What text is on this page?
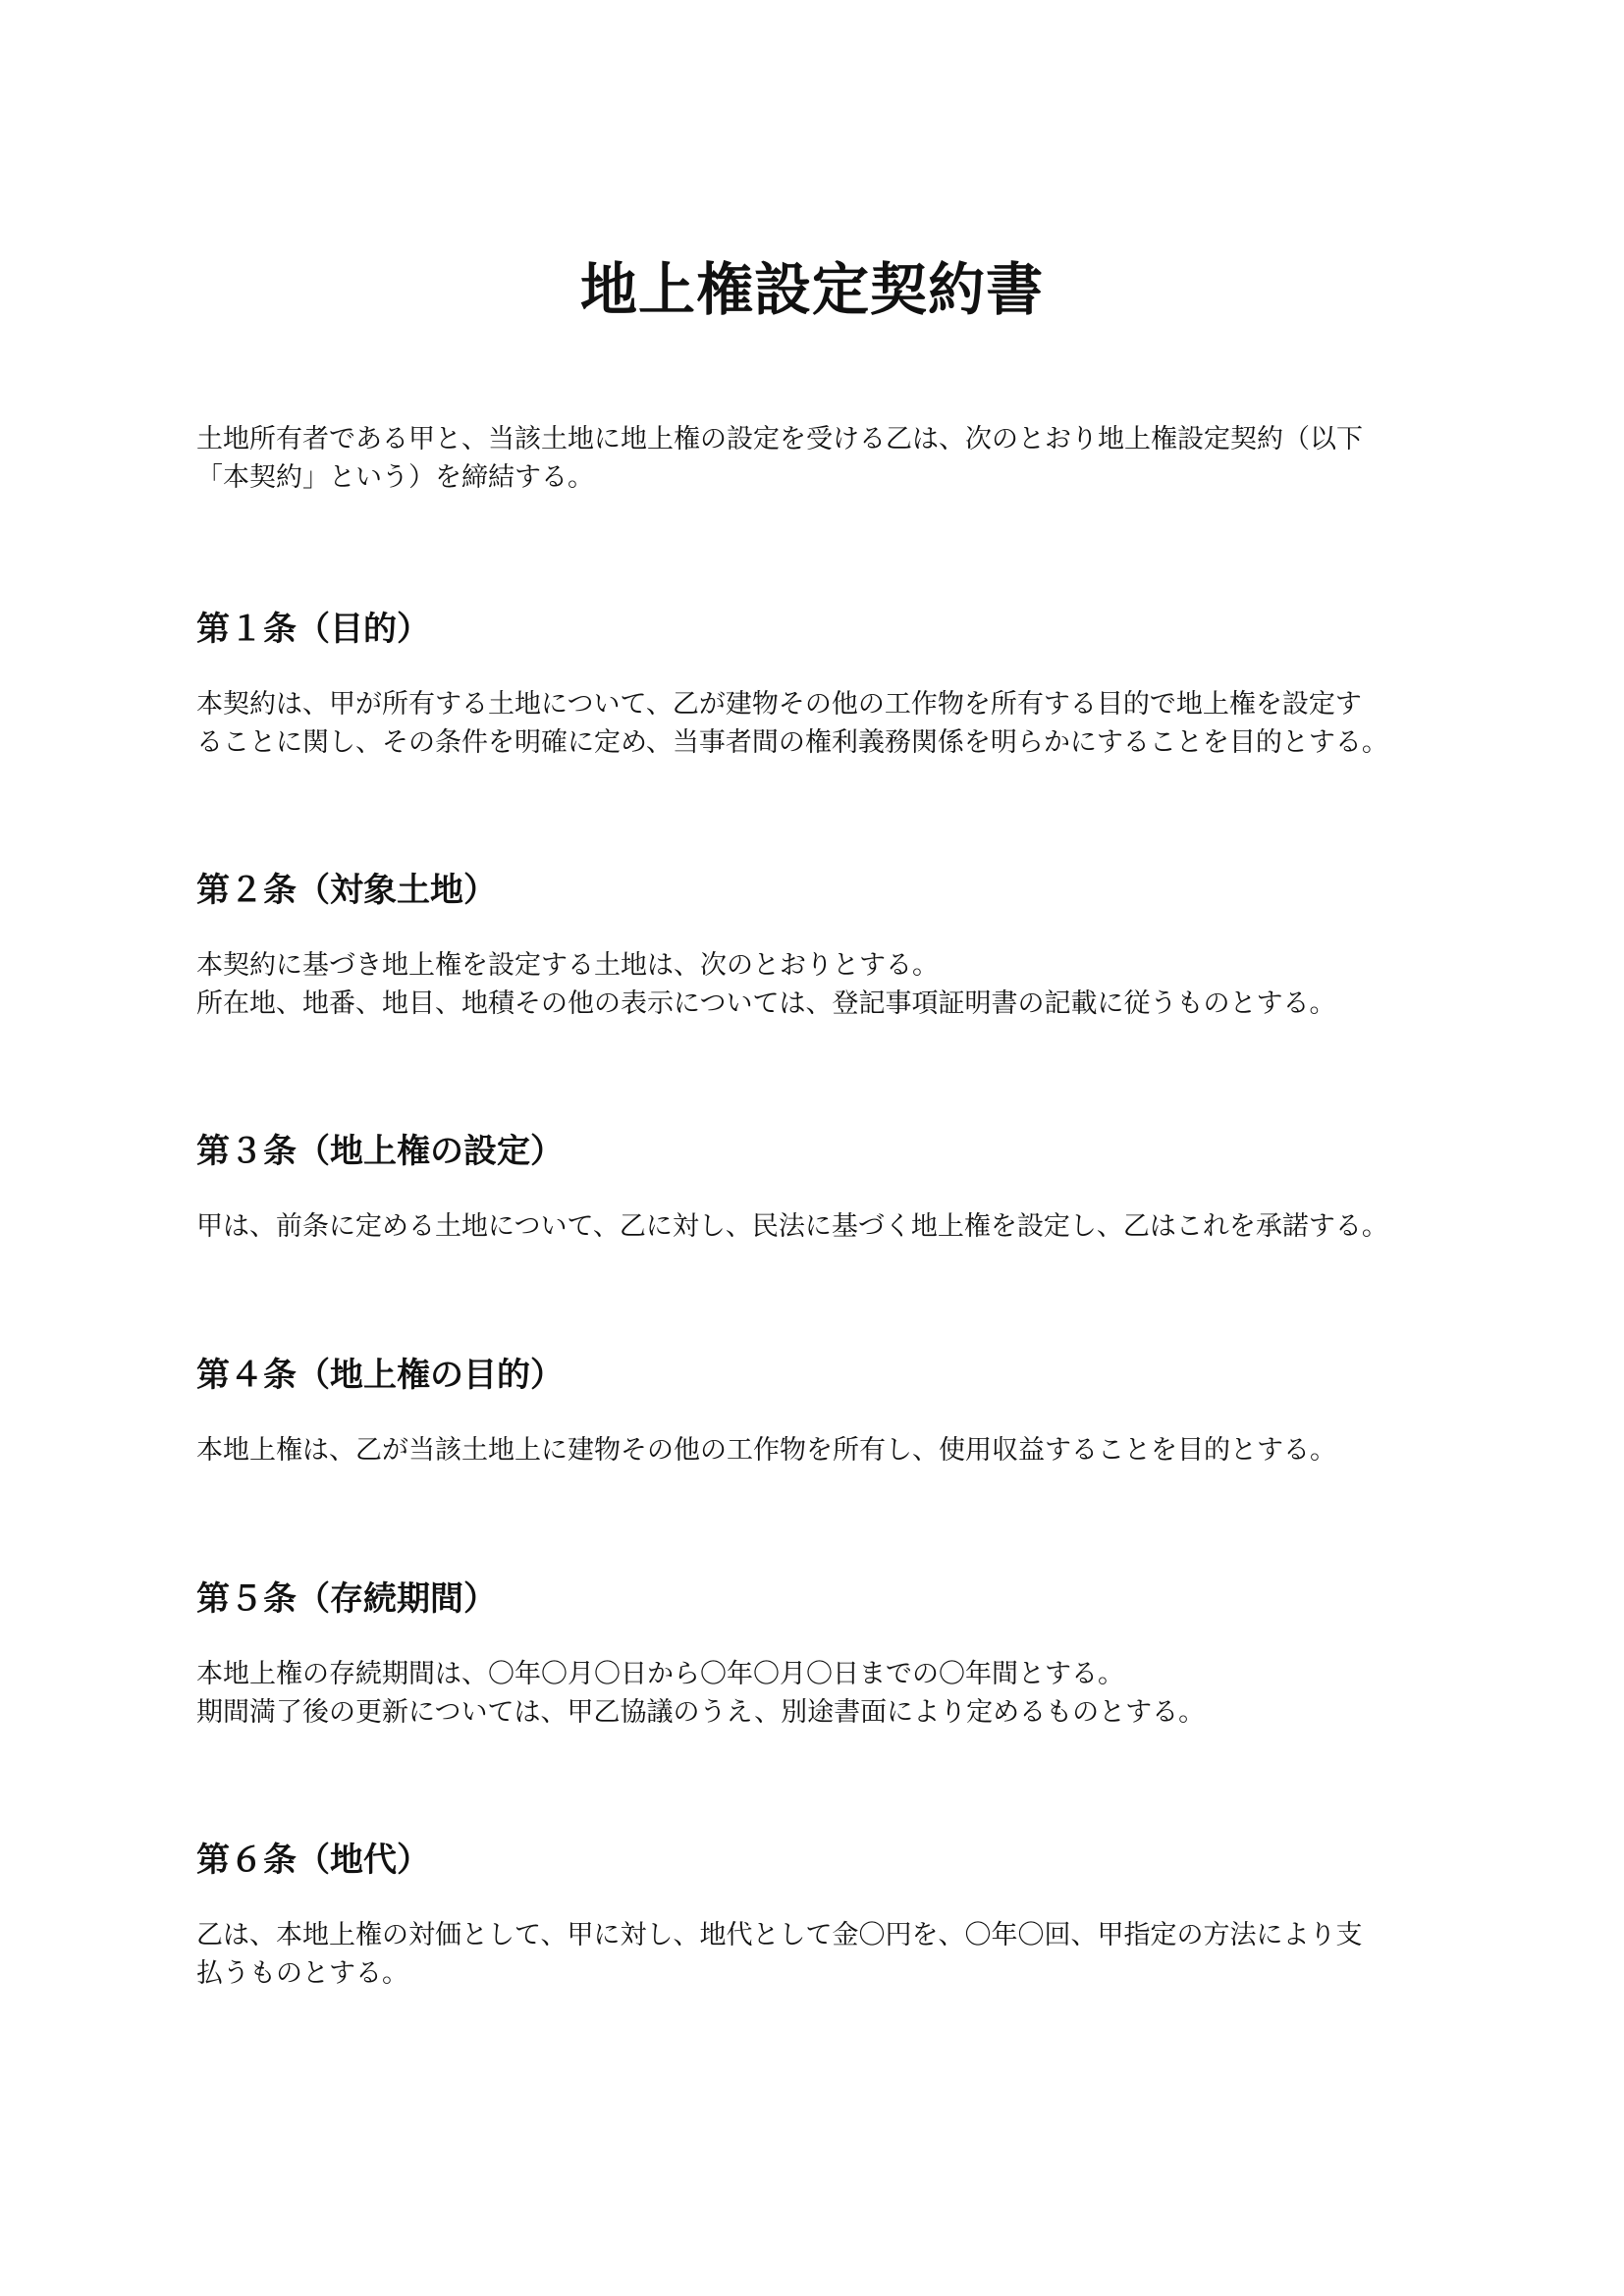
地上権設定契約書

土地所有者である甲と、当該土地に地上権の設定を受ける乙は、次のとおり地上権設定契約（以下
「本契約」という）を締結する。

第１条（目的）

本契約は、甲が所有する土地について、乙が建物その他の工作物を所有する目的で地上権を設定す
ることに関し、その条件を明確に定め、当事者間の権利義務関係を明らかにすることを目的とする。

第２条（対象土地）

本契約に基づき地上権を設定する土地は、次のとおりとする。
所在地、地番、地目、地積その他の表示については、登記事項証明書の記載に従うものとする。

第３条（地上権の設定）

甲は、前条に定める土地について、乙に対し、民法に基づく地上権を設定し、乙はこれを承諾する。

第４条（地上権の目的）

本地上権は、乙が当該土地上に建物その他の工作物を所有し、使用収益することを目的とする。

第５条（存続期間）

本地上権の存続期間は、〇年〇月〇日から〇年〇月〇日までの〇年間とする。
期間満了後の更新については、甲乙協議のうえ、別途書面により定めるものとする。

第６条（地代）

乙は、本地上権の対価として、甲に対し、地代として金〇円を、〇年〇回、甲指定の方法により支
払うものとする。
